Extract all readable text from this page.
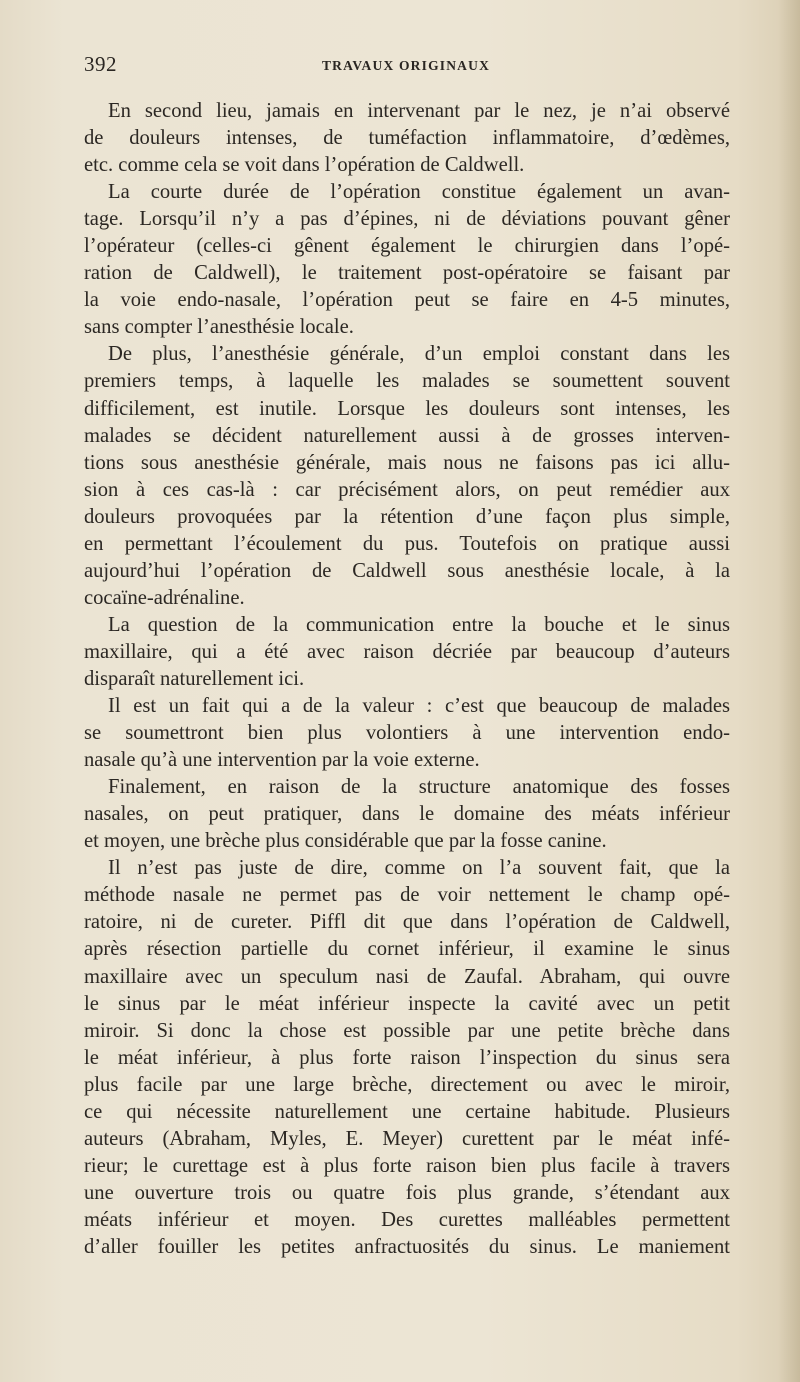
392	TRAVAUX ORIGINAUX
En second lieu, jamais en intervenant par le nez, je n’ai observé
de douleurs intenses, de tuméfaction inflammatoire, d’œdèmes,
etc. comme cela se voit dans l’opération de Caldwell.
La courte durée de l’opération constitue également un avan-
tage. Lorsqu’il n’y a pas d’épines, ni de déviations pouvant gêner
l’opérateur (celles-ci gênent également le chirurgien dans l’opé-
ration de Caldwell), le traitement post-opératoire se faisant par
la voie endo-nasale, l’opération peut se faire en 4-5 minutes,
sans compter l’anesthésie locale.
De plus, l’anesthésie générale, d’un emploi constant dans les
premiers temps, à laquelle les malades se soumettent souvent
difficilement, est inutile. Lorsque les douleurs sont intenses, les
malades se décident naturellement aussi à de grosses interven-
tions sous anesthésie générale, mais nous ne faisons pas ici allu-
sion à ces cas-là : car précisément alors, on peut remédier aux
douleurs provoquées par la rétention d’une façon plus simple,
en permettant l’écoulement du pus. Toutefois on pratique aussi
aujourd’hui l’opération de Caldwell sous anesthésie locale, à la
cocaïne-adrénaline.
La question de la communication entre la bouche et le sinus
maxillaire, qui a été avec raison décriée par beaucoup d’auteurs
disparaît naturellement ici.
Il est un fait qui a de la valeur : c’est que beaucoup de malades
se soumettront bien plus volontiers à une intervention endo-
nasale qu’à une intervention par la voie externe.
Finalement, en raison de la structure anatomique des fosses
nasales, on peut pratiquer, dans le domaine des méats inférieur
et moyen, une brèche plus considérable que par la fosse canine.
Il n’est pas juste de dire, comme on l’a souvent fait, que la
méthode nasale ne permet pas de voir nettement le champ opé-
ratoire, ni de cureter. Piffl dit que dans l’opération de Caldwell,
après résection partielle du cornet inférieur, il examine le sinus
maxillaire avec un speculum nasi de Zaufal. Abraham, qui ouvre
le sinus par le méat inférieur inspecte la cavité avec un petit
miroir. Si donc la chose est possible par une petite brèche dans
le méat inférieur, à plus forte raison l’inspection du sinus sera
plus facile par une large brèche, directement ou avec le miroir,
ce qui nécessite naturellement une certaine habitude. Plusieurs
auteurs (Abraham, Myles, E. Meyer) curettent par le méat infé-
rieur; le curettage est à plus forte raison bien plus facile à travers
une ouverture trois ou quatre fois plus grande, s’étendant aux
méats inférieur et moyen. Des curettes malléables permettent
d’aller fouiller les petites anfractuosités du sinus. Le maniement
